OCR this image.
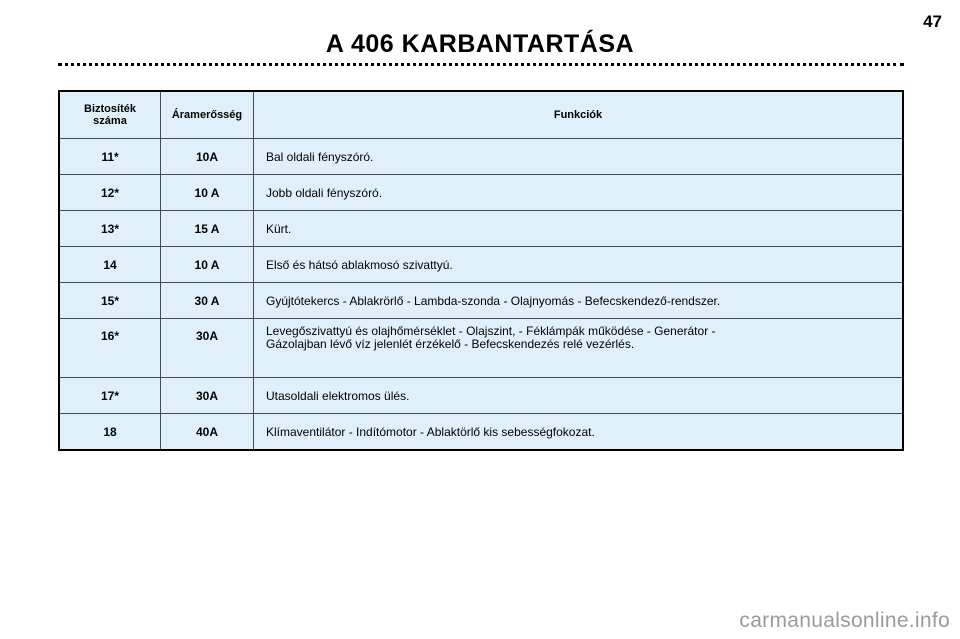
47
A 406 KARBANTARTÁSA
Biztosíték
száma	Áramerősség	Funkciók
11*	10A	Bal oldali fényszóró.
12*	10 A	Jobb oldali fényszóró.
13*	15 A	Kürt.
14	10 A	Első és hátsó ablakmosó szivattyú.
15*	30 A	Gyújtótekercs - Ablakrörlő - Lambda-szonda - Olajnyomás - Befecskendező-rendszer.
16*	30A	Levegőszivattyú és olajhőmérséklet - Olajszint, - Féklámpák működése - Generátor -
Gázolajban lévő víz jelenlét érzékelő - Befecskendezés relé vezérlés.
17*	30A	Utasoldali elektromos ülés.
18	40A	Klímaventilátor - Indítómotor - Ablaktörlő kis sebességfokozat.
carmanualsonline.info
